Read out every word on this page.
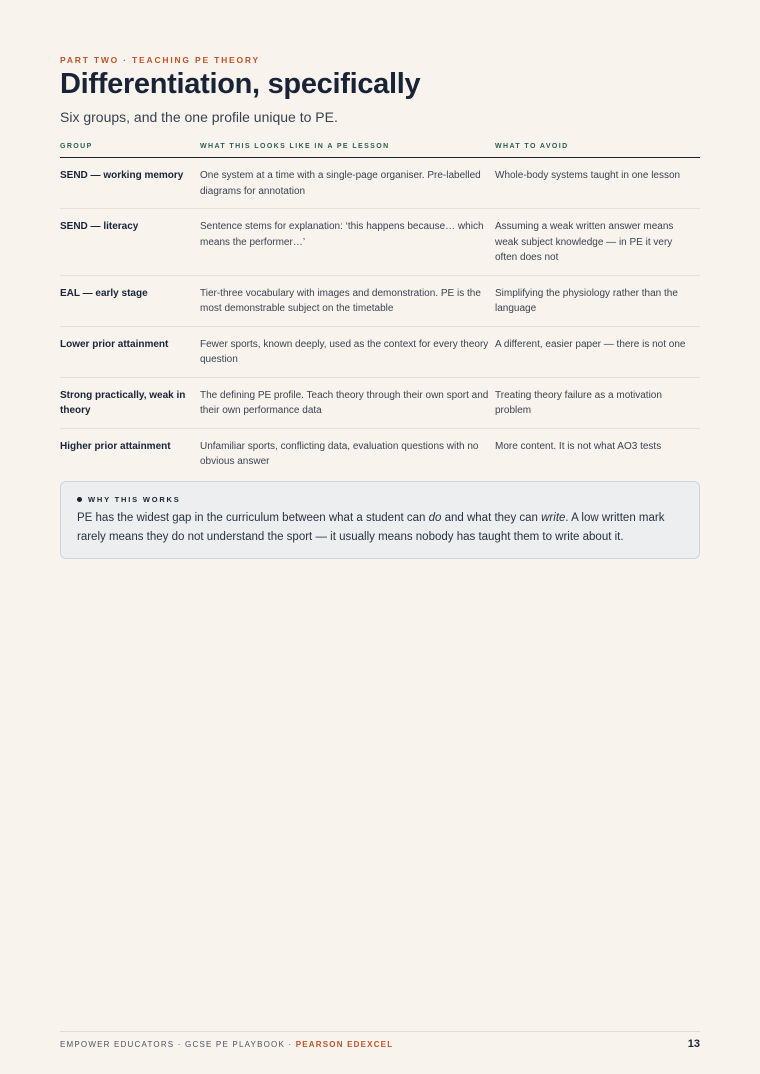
PART TWO · TEACHING PE THEORY
Differentiation, specifically

Six groups, and the one profile unique to PE.

GROUP	WHAT THIS LOOKS LIKE IN A PE LESSON	WHAT TO AVOID
SEND — working memory	One system at a time with a single-page organiser. Pre-labelled diagrams for annotation	Whole-body systems taught in one lesson
SEND — literacy	Sentence stems for explanation: ‘this happens because… which means the performer…’	Assuming a weak written answer means weak subject knowledge — in PE it very often does not
EAL — early stage	Tier-three vocabulary with images and demonstration. PE is the most demonstrable subject on the timetable	Simplifying the physiology rather than the language
Lower prior attainment	Fewer sports, known deeply, used as the context for every theory question	A different, easier paper — there is not one
Strong practically, weak in theory	The defining PE profile. Teach theory through their own sport and their own performance data	Treating theory failure as a motivation problem
Higher prior attainment	Unfamiliar sports, conflicting data, evaluation questions with no obvious answer	More content. It is not what AO3 tests
WHY THIS WORKS

PE has the widest gap in the curriculum between what a student can do and what they can write. A low written mark rarely means they do not understand the sport — it usually means nobody has taught them to write about it.

EMPOWER EDUCATORS · GCSE PE PLAYBOOK · PEARSON EDEXCEL	13
